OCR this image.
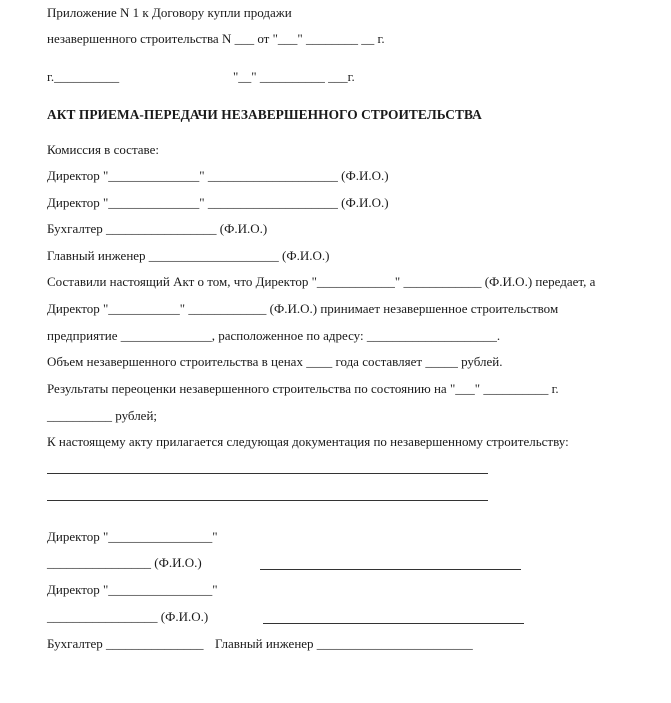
Приложение N 1 к Договору купли продажи
незавершенного строительства N ___ от "___" ________ __ г.
г.__________	"__" __________ ___г.
АКТ ПРИЕМА-ПЕРЕДАЧИ НЕЗАВЕРШЕННОГО СТРОИТЕЛЬСТВА
Комиссия в составе:
Директор "______________" ____________________ (Ф.И.О.)
Директор "______________" ____________________ (Ф.И.О.)
Бухгалтер _________________ (Ф.И.О.)
Главный инженер ____________________ (Ф.И.О.)
Составили настоящий Акт о том, что Директор "____________" ____________ (Ф.И.О.) передает, а
Директор "___________" ____________ (Ф.И.О.) принимает незавершенное строительством
предприятие ______________, расположенное по адресу: ____________________.
Объем незавершенного строительства в ценах ____ года составляет _____ рублей.
Результаты переоценки незавершенного строительства по состоянию на "___" __________ г.
__________ рублей;
К настоящему акту прилагается следующая документация по незавершенному строительству:
Директор "________________"
________________ (Ф.И.О.)
Директор "________________"
_________________ (Ф.И.О.)
Бухгалтер _______________ Главный инженер ________________________
